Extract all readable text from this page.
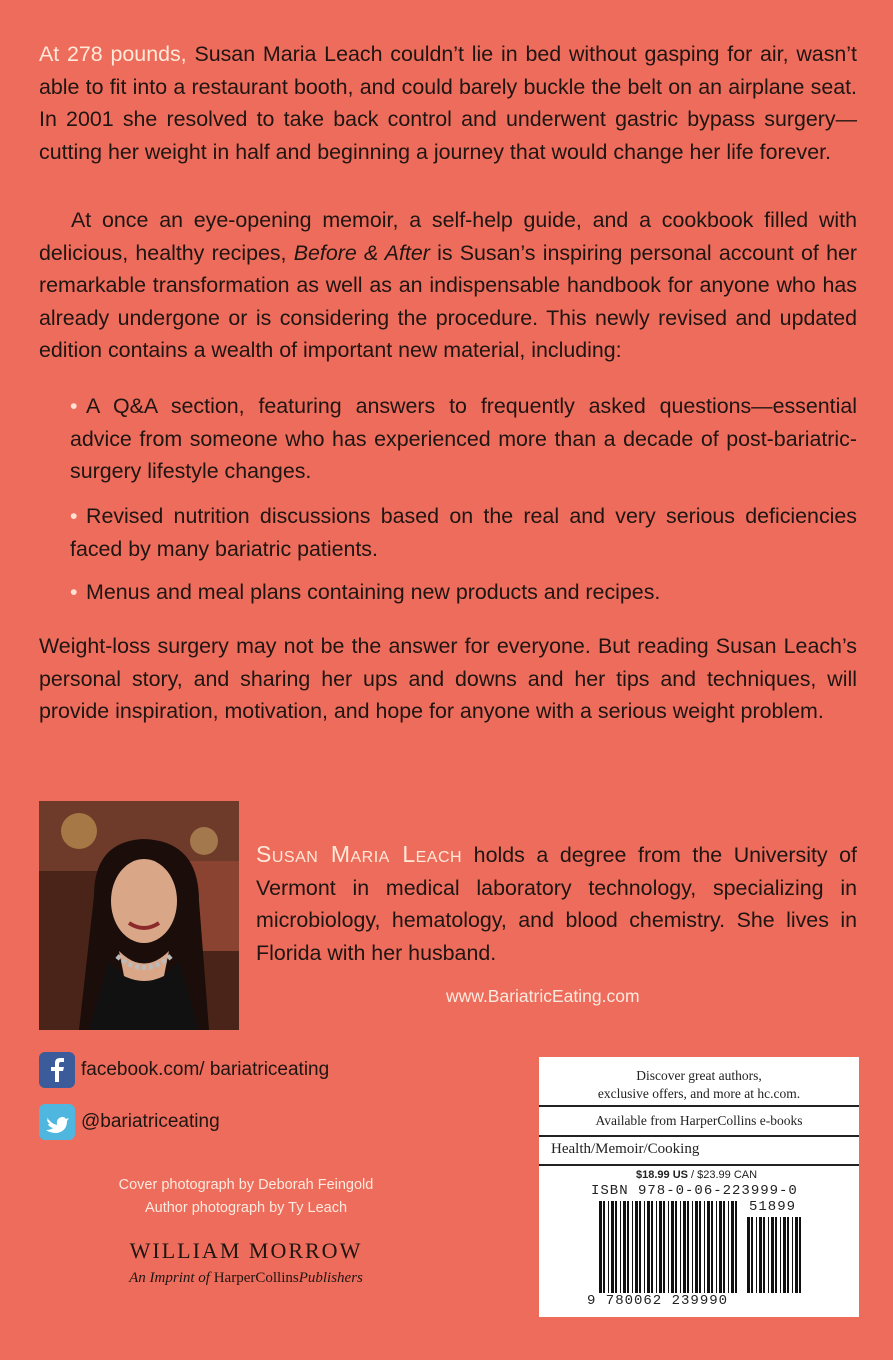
At 278 pounds, Susan Maria Leach couldn’t lie in bed without gasping for air, wasn’t able to fit into a restaurant booth, and could barely buckle the belt on an airplane seat. In 2001 she resolved to take back control and underwent gastric bypass surgery—cutting her weight in half and beginning a journey that would change her life forever.

At once an eye-opening memoir, a self-help guide, and a cookbook filled with delicious, healthy recipes, Before & After is Susan’s inspiring personal account of her remarkable transformation as well as an indispensable handbook for anyone who has already undergone or is considering the procedure. This newly revised and updated edition contains a wealth of important new material, including:

• A Q&A section, featuring answers to frequently asked questions—essential advice from someone who has experienced more than a decade of post-bariatric-surgery lifestyle changes.

• Revised nutrition discussions based on the real and very serious deficiencies faced by many bariatric patients.

• Menus and meal plans containing new products and recipes.

Weight-loss surgery may not be the answer for everyone. But reading Susan Leach’s personal story, and sharing her ups and downs and her tips and techniques, will provide inspiration, motivation, and hope for anyone with a serious weight problem.

Susan Maria Leach holds a degree from the University of Vermont in medical laboratory technology, specializing in microbiology, hematology, and blood chemistry. She lives in Florida with her husband.

www.BariatricEating.com
facebook.com/ bariatriceating
@bariatriceating
Cover photograph by Deborah Feingold
Author photograph by Ty Leach
WILLIAM MORROW
An Imprint of HarperCollinsPublishers
Discover great authors,
exclusive offers, and more at hc.com.
Available from HarperCollins e-books
Health/Memoir/Cooking
$18.99 US / $23.99 CAN
ISBN 978-0-06-223999-0
51899
9 780062 239990
